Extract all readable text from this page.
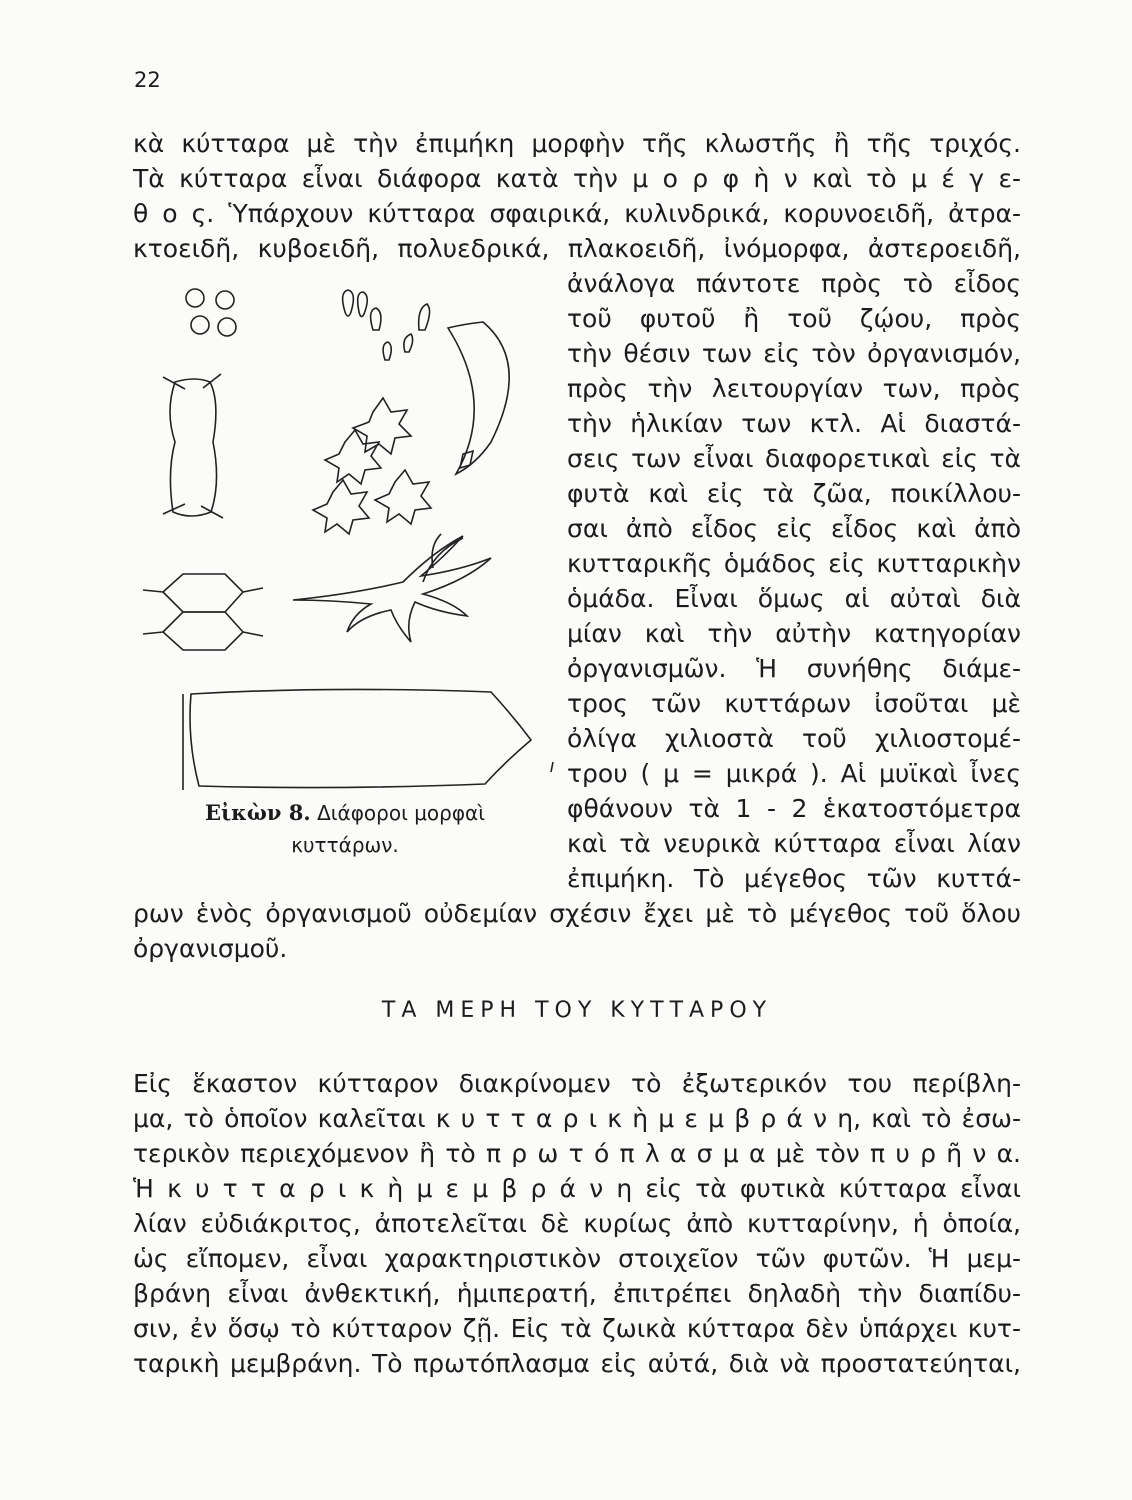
22

κὰ κύτταρα μὲ τὴν ἐπιμήκη μορφὴν τῆς κλωστῆς ἢ τῆς τριχός.

Τὰ κύτταρα εἶναι διάφορα κατὰ τὴν μ ο ρ φ ὴ ν καὶ τὸ μ έ γ ε-

θ ο ς. Ὑπάρχουν κύτταρα σφαιρικά, κυλινδρικά, κορυνοειδῆ, ἀτρα-

κτοειδῆ, κυβοειδῆ, πολυεδρικά, πλακοειδῆ, ἰνόμορφα, ἀστεροειδῆ,

ἀνάλογα πάντοτε πρὸς τὸ εἶδος

τοῦ φυτοῦ ἢ τοῦ ζῴου, πρὸς

τὴν θέσιν των εἰς τὸν ὀργανισμόν,

πρὸς τὴν λειτουργίαν των, πρὸς

τὴν ἡλικίαν των κτλ. Αἱ διαστά-

σεις των εἶναι διαφορετικαὶ εἰς τὰ

φυτὰ καὶ εἰς τὰ ζῶα, ποικίλλου-

σαι ἀπὸ εἶδος εἰς εἶδος καὶ ἀπὸ

κυτταρικῆς ὁμάδος εἰς κυτταρικὴν

ὁμάδα. Εἶναι ὅμως αἱ αὐταὶ διὰ

μίαν καὶ τὴν αὐτὴν κατηγορίαν

ὀργανισμῶν. Ἡ συνήθης διάμε-

τρος τῶν κυττάρων ἰσοῦται μὲ

ὀλίγα χιλιοστὰ τοῦ χιλιοστομέ-

τρου ( μ = μικρά ). Αἱ μυϊκαὶ ἶνες

φθάνουν τὰ 1 - 2 ἑκατοστόμετρα

καὶ τὰ νευρικὰ κύτταρα εἶναι λίαν

ἐπιμήκη. Τὸ μέγεθος τῶν κυττά-

ρων ἑνὸς ὀργανισμοῦ οὐδεμίαν σχέσιν ἔχει μὲ τὸ μέγεθος τοῦ ὅλου

ὀργανισμοῦ.

Εἰκὼν 8. Διάφοροι μορφαὶ
κυττάρων.
ΤΑ ΜΕΡΗ ΤΟΥ ΚΥΤΤΑΡΟΥ

Εἰς ἕκαστον κύτταρον διακρίνομεν τὸ ἐξωτερικόν του περίβλη-

μα, τὸ ὁποῖον καλεῖται κ υ τ τ α ρ ι κ ὴ μ ε μ β ρ ά ν η, καὶ τὸ ἐσω-

τερικὸν περιεχόμενον ἢ τὸ π ρ ω τ ό π λ α σ μ α μὲ τὸν π υ ρ ῆ ν α.

Ἡ κ υ τ τ α ρ ι κ ὴ μ ε μ β ρ ά ν η εἰς τὰ φυτικὰ κύτταρα εἶναι

λίαν εὐδιάκριτος, ἀποτελεῖται δὲ κυρίως ἀπὸ κυτταρίνην, ἡ ὁποία,

ὡς εἴπομεν, εἶναι χαρακτηριστικὸν στοιχεῖον τῶν φυτῶν. Ἡ μεμ-

βράνη εἶναι ἀνθεκτική, ἡμιπερατή, ἐπιτρέπει δηλαδὴ τὴν διαπίδυ-

σιν, ἐν ὅσῳ τὸ κύτταρον ζῇ. Εἰς τὰ ζωικὰ κύτταρα δὲν ὑπάρχει κυτ-

ταρικὴ μεμβράνη. Τὸ πρωτόπλασμα εἰς αὐτά, διὰ νὰ προστατεύηται,
